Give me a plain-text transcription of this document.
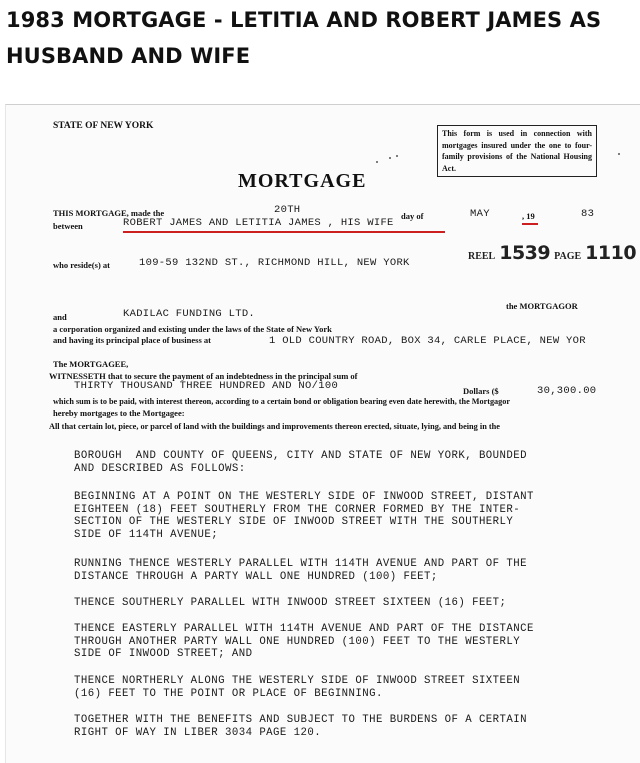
1983 MORTGAGE - LETITIA AND ROBERT JAMES AS
HUSBAND AND WIFE
STATE OF NEW YORK
This form is used in connection with mortgages insured under the one to four-family provisions of the National Housing Act.
MORTGAGE
THIS MORTGAGE, made the	20TH	day of	MAY	, 19	83
between	ROBERT JAMES AND LETITIA JAMES , HIS WIFE
REEL 1539 PAGE 1110
who reside(s) at	109-59 132ND ST., RICHMOND HILL, NEW YORK
the MORTGAGOR
and	KADILAC FUNDING LTD.
a corporation organized and existing under the laws of the State of New York
and having its principal place of business at	1 OLD COUNTRY ROAD, BOX 34, CARLE PLACE, NEW YOR
The MORTGAGEE,
WITNESSETH that to secure the payment of an indebtedness in the principal sum of
THIRTY THOUSAND THREE HUNDRED AND NO/100	Dollars ($	30,300.00
which sum is to be paid, with interest thereon, according to a certain bond or obligation bearing even date herewith, the Mortgagor
hereby mortgages to the Mortgagee:
All that certain lot, piece, or parcel of land with the buildings and improvements thereon erected, situate, lying, and being in the
BOROUGH  AND COUNTY OF QUEENS, CITY AND STATE OF NEW YORK, BOUNDED
AND DESCRIBED AS FOLLOWS:
BEGINNING AT A POINT ON THE WESTERLY SIDE OF INWOOD STREET, DISTANT
EIGHTEEN (18) FEET SOUTHERLY FROM THE CORNER FORMED BY THE INTER-
SECTION OF THE WESTERLY SIDE OF INWOOD STREET WITH THE SOUTHERLY
SIDE OF 114TH AVENUE;
RUNNING THENCE WESTERLY PARALLEL WITH 114TH AVENUE AND PART OF THE
DISTANCE THROUGH A PARTY WALL ONE HUNDRED (100) FEET;
THENCE SOUTHERLY PARALLEL WITH INWOOD STREET SIXTEEN (16) FEET;
THENCE EASTERLY PARALLEL WITH 114TH AVENUE AND PART OF THE DISTANCE
THROUGH ANOTHER PARTY WALL ONE HUNDRED (100) FEET TO THE WESTERLY
SIDE OF INWOOD STREET; AND
THENCE NORTHERLY ALONG THE WESTERLY SIDE OF INWOOD STREET SIXTEEN
(16) FEET TO THE POINT OR PLACE OF BEGINNING.
TOGETHER WITH THE BENEFITS AND SUBJECT TO THE BURDENS OF A CERTAIN
RIGHT OF WAY IN LIBER 3034 PAGE 120.
